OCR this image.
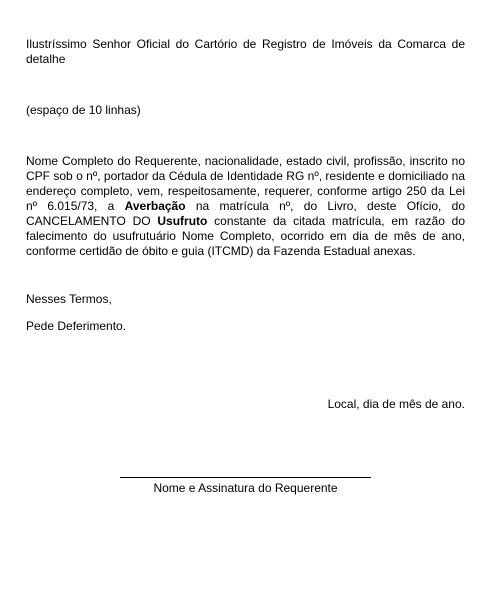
Ilustríssimo Senhor Oficial do Cartório de Registro de Imóveis da Comarca de detalhe
(espaço de 10 linhas)
Nome Completo do Requerente, nacionalidade, estado civil, profissão, inscrito no CPF sob o nº, portador da Cédula de Identidade RG nº, residente e domiciliado na endereço completo, vem, respeitosamente, requerer, conforme artigo 250 da Lei nº 6.015/73, a Averbação na matrícula nº, do Livro, deste Ofício, do CANCELAMENTO DO Usufruto constante da citada matrícula, em razão do falecimento do usufrutuário Nome Completo, ocorrido em dia de mês de ano, conforme certidão de óbito e guia (ITCMD) da Fazenda Estadual anexas.
Nesses Termos,
Pede Deferimento.
Local, dia de mês de ano.
Nome e Assinatura do Requerente
